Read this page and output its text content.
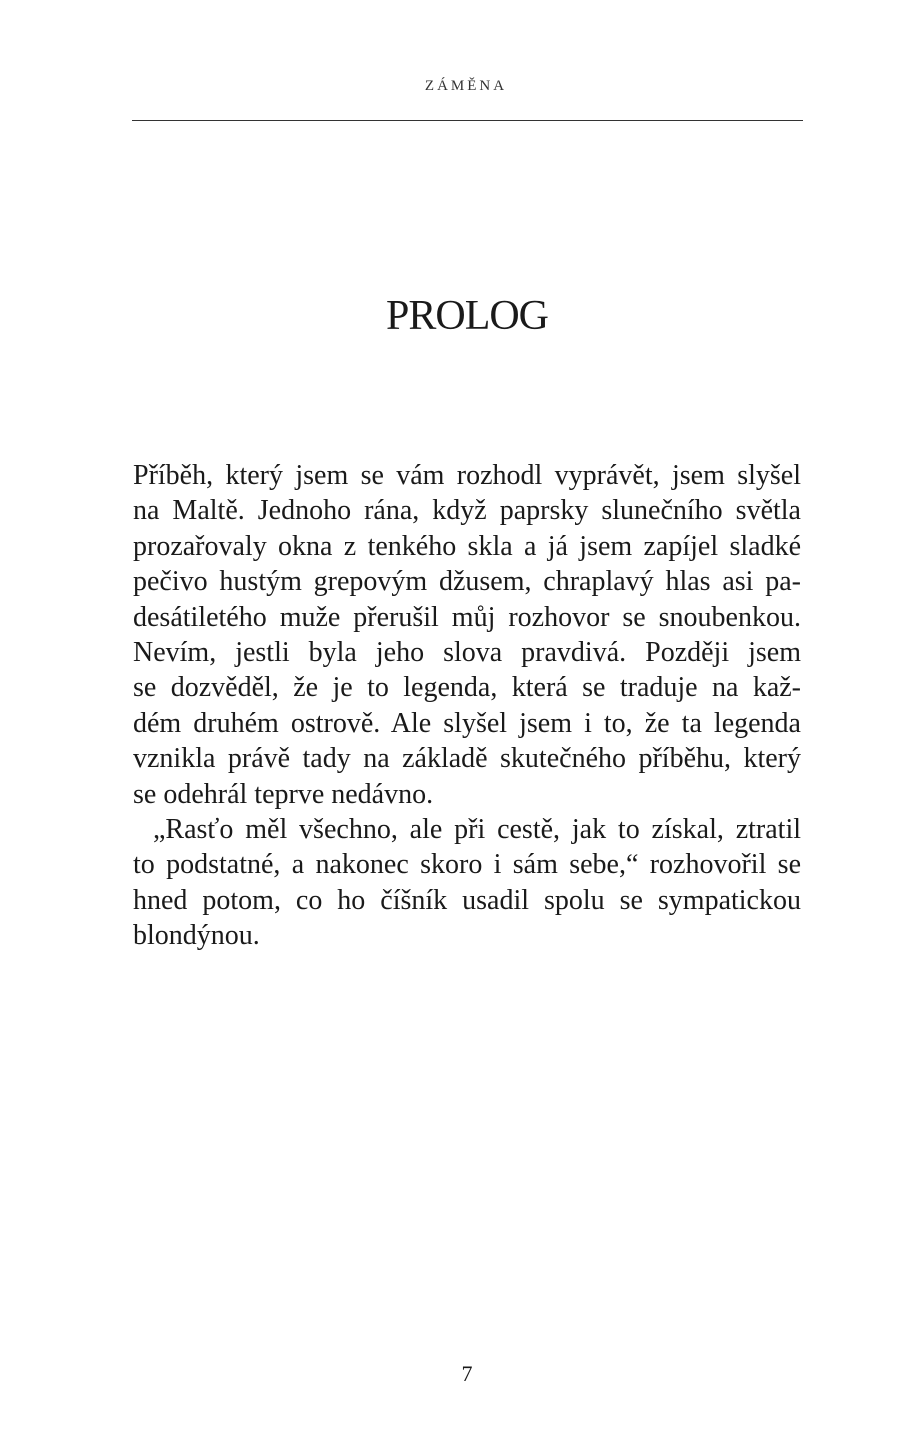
ZÁMĚNA
PROLOG
Příběh, který jsem se vám rozhodl vyprávět, jsem slyšel
na Maltě. Jednoho rána, když paprsky slunečního světla
prozařovaly okna z tenkého skla a já jsem zapíjel sladké
pečivo hustým grepovým džusem, chraplavý hlas asi pa-
desátiletého muže přerušil můj rozhovor se snoubenkou.
Nevím, jestli byla jeho slova pravdivá. Později jsem
se dozvěděl, že je to legenda, která se traduje na kaž-
dém druhém ostrově. Ale slyšel jsem i to, že ta legenda
vznikla právě tady na základě skutečného příběhu, který
se odehrál teprve nedávno.
„Rasťo měl všechno, ale při cestě, jak to získal, ztratil
to podstatné, a nakonec skoro i sám sebe,“ rozhovořil se
hned potom, co ho číšník usadil spolu se sympatickou
blondýnou.
7
